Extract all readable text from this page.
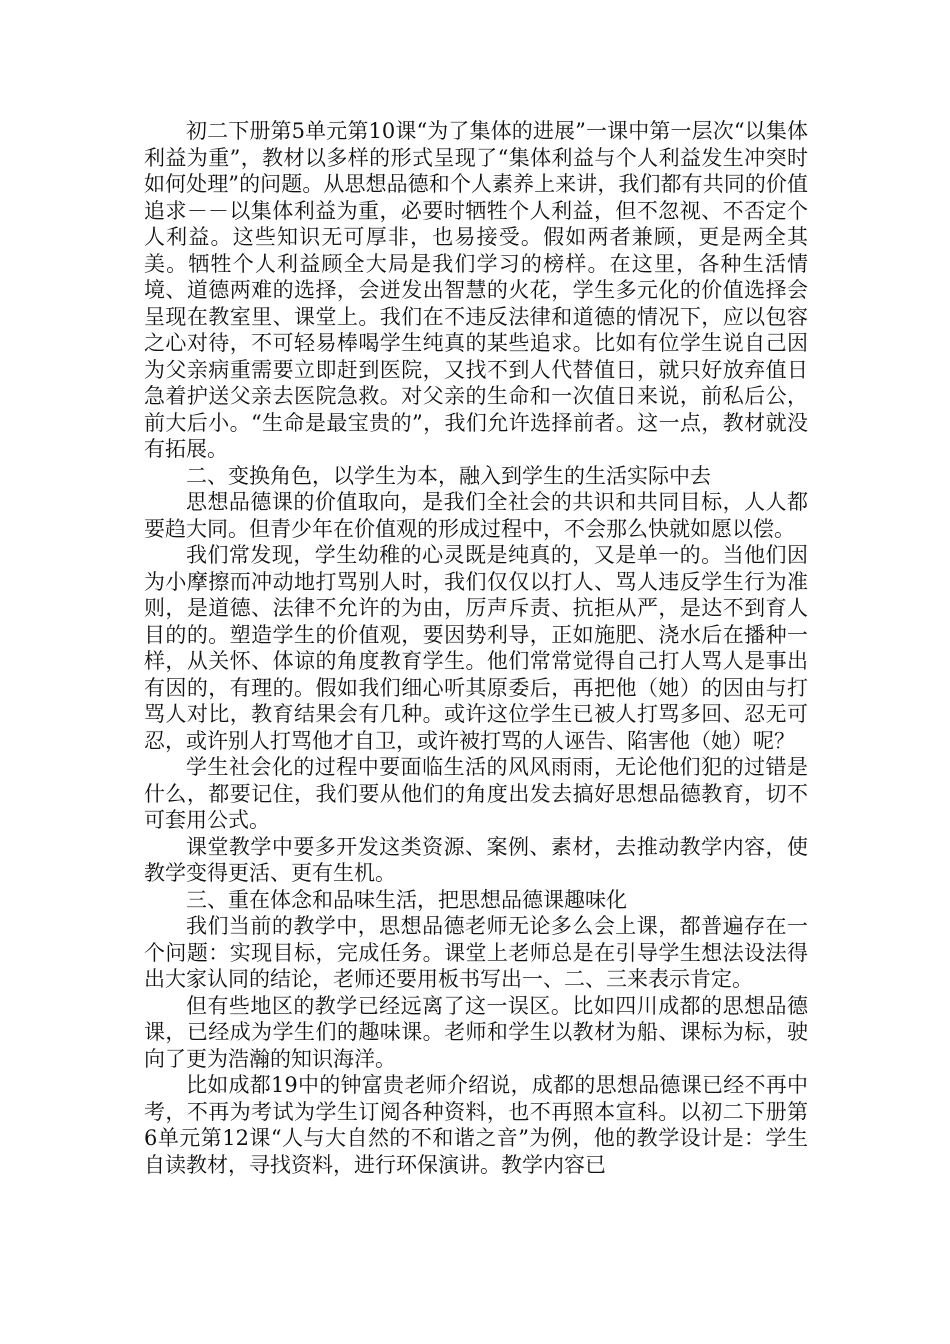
初二下册第5单元第10课“为了集体的进展”一课中第一层次“以集体利益为重”，教材以多样的形式呈现了“集体利益与个人利益发生冲突时如何处理”的问题。从思想品德和个人素养上来讲，我们都有共同的价值追求－－以集体利益为重，必要时牺牲个人利益，但不忽视、不否定个人利益。这些知识无可厚非，也易接受。假如两者兼顾，更是两全其美。牺牲个人利益顾全大局是我们学习的榜样。在这里，各种生活情境、道德两难的选择，会迸发出智慧的火花，学生多元化的价值选择会呈现在教室里、课堂上。我们在不违反法律和道德的情况下，应以包容之心对待，不可轻易棒喝学生纯真的某些追求。比如有位学生说自己因为父亲病重需要立即赶到医院，又找不到人代替值日，就只好放弃值日急着护送父亲去医院急救。对父亲的生命和一次值日来说，前私后公，前大后小。“生命是最宝贵的”，我们允许选择前者。这一点，教材就没有拓展。

二、变换角色，以学生为本，融入到学生的生活实际中去

思想品德课的价值取向，是我们全社会的共识和共同目标，人人都要趋大同。但青少年在价值观的形成过程中，不会那么快就如愿以偿。

我们常发现，学生幼稚的心灵既是纯真的，又是单一的。当他们因为小摩擦而冲动地打骂别人时，我们仅仅以打人、骂人违反学生行为准则，是道德、法律不允许的为由，厉声斥责、抗拒从严，是达不到育人目的的。塑造学生的价值观，要因势利导，正如施肥、浇水后在播种一样，从关怀、体谅的角度教育学生。他们常常觉得自己打人骂人是事出有因的，有理的。假如我们细心听其原委后，再把他（她）的因由与打骂人对比，教育结果会有几种。或许这位学生已被人打骂多回、忍无可忍，或许别人打骂他才自卫，或许被打骂的人诬告、陷害他（她）呢？

学生社会化的过程中要面临生活的风风雨雨，无论他们犯的过错是什么，都要记住，我们要从他们的角度出发去搞好思想品德教育，切不可套用公式。

课堂教学中要多开发这类资源、案例、素材，去推动教学内容，使教学变得更活、更有生机。

三、重在体念和品味生活，把思想品德课趣味化

我们当前的教学中，思想品德老师无论多么会上课，都普遍存在一个问题：实现目标，完成任务。课堂上老师总是在引导学生想法设法得出大家认同的结论，老师还要用板书写出一、二、三来表示肯定。

但有些地区的教学已经远离了这一误区。比如四川成都的思想品德课，已经成为学生们的趣味课。老师和学生以教材为船、课标为标，驶向了更为浩瀚的知识海洋。

比如成都19中的钟富贵老师介绍说，成都的思想品德课已经不再中考，不再为考试为学生订阅各种资料，也不再照本宣科。以初二下册第6单元第12课“人与大自然的不和谐之音”为例，他的教学设计是：学生自读教材，寻找资料，进行环保演讲。教学内容已
